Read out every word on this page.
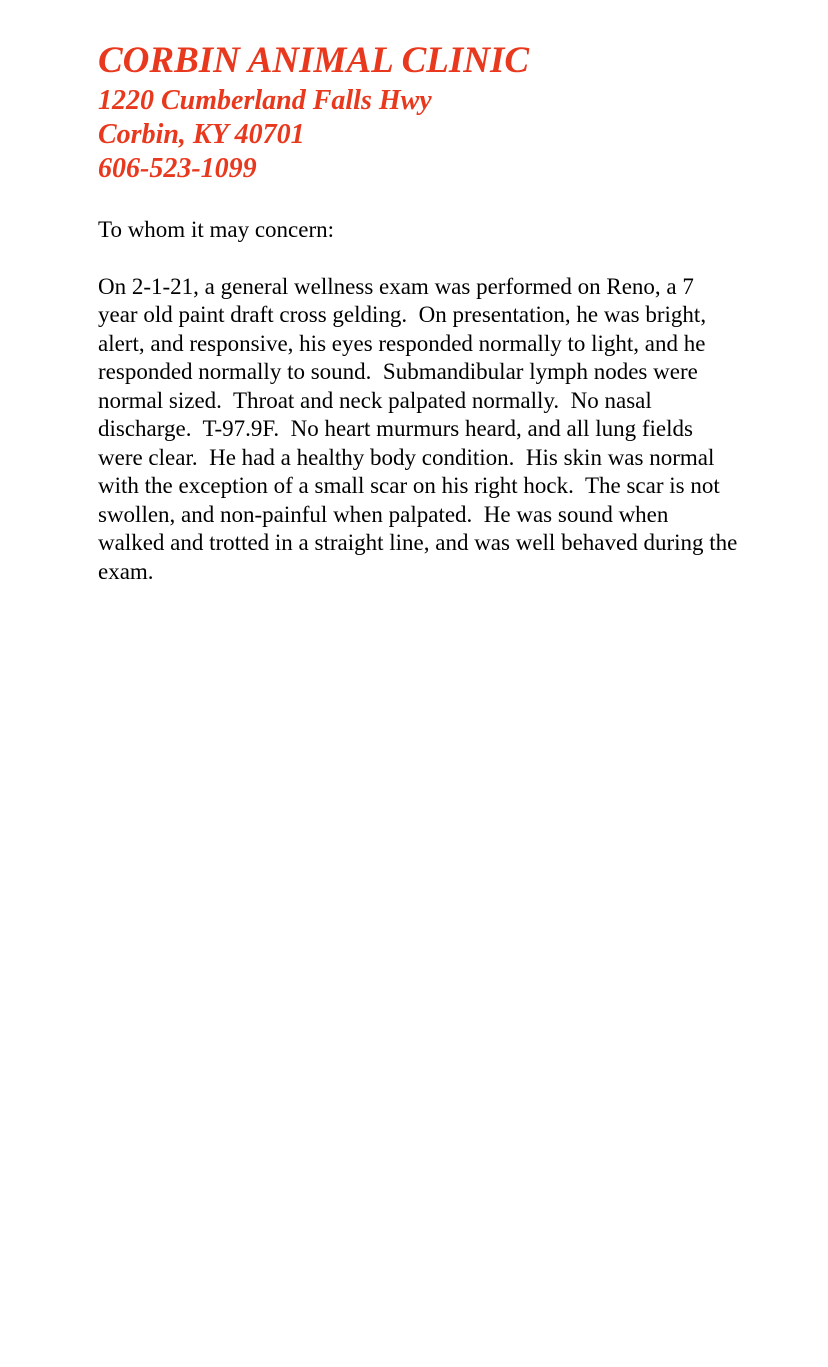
CORBIN ANIMAL CLINIC
1220 Cumberland Falls Hwy
Corbin, KY 40701
606-523-1099

To whom it may concern:

On 2-1-21, a general wellness exam was performed on Reno, a 7 year old paint draft cross gelding.  On presentation, he was bright, alert, and responsive, his eyes responded normally to light, and he responded normally to sound.  Submandibular lymph nodes were normal sized.  Throat and neck palpated normally.  No nasal discharge.  T-97.9F.  No heart murmurs heard, and all lung fields were clear.  He had a healthy body condition.  His skin was normal with the exception of a small scar on his right hock.  The scar is not swollen, and non-painful when palpated.  He was sound when walked and trotted in a straight line, and was well behaved during the exam.
